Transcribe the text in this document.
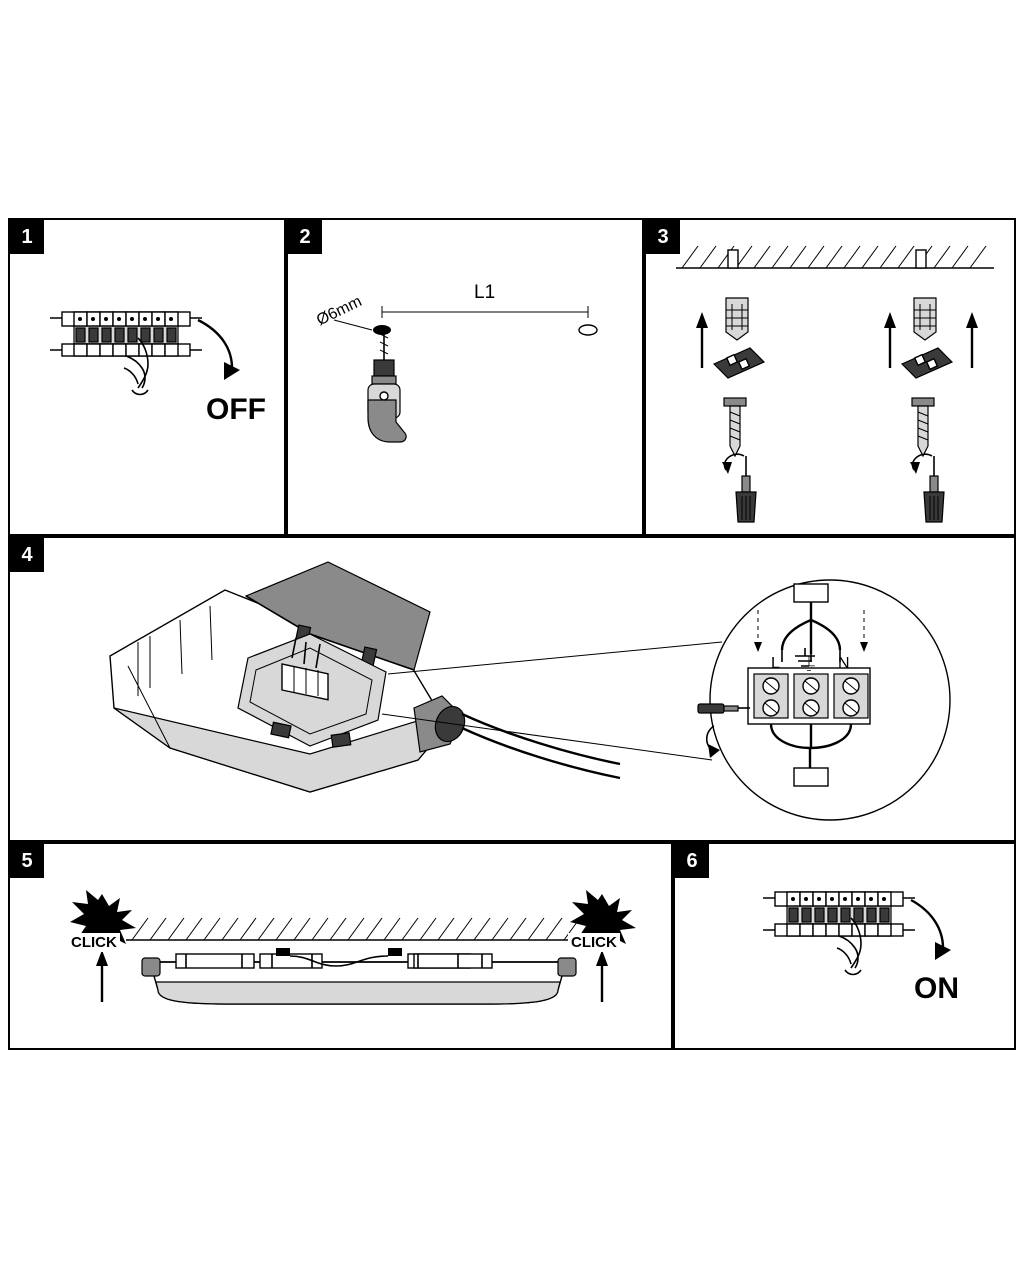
1
OFF
2
L1
Ø6mm
3
4
L ⏚ N
5
CLICK	CLICK
6
ON
